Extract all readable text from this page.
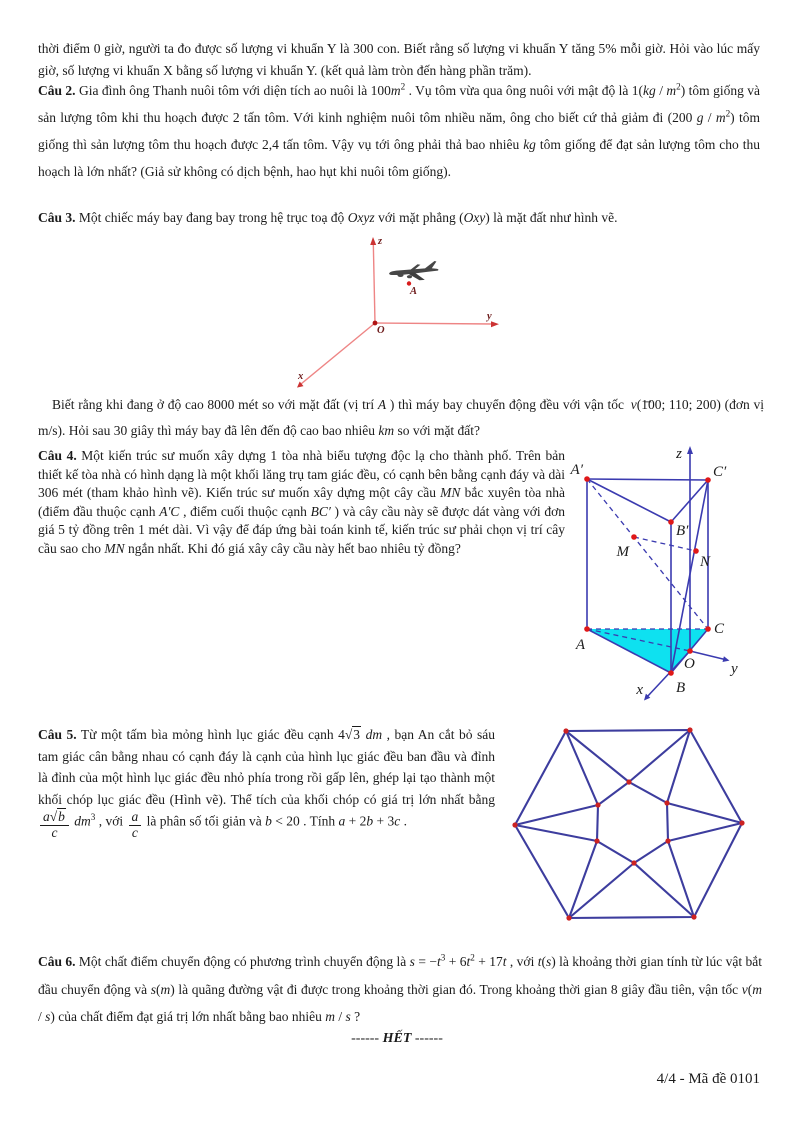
thời điểm 0 giờ, người ta đo được số lượng vi khuẩn Y là 300 con. Biết rằng số lượng vi khuẩn Y tăng 5% mỗi giờ. Hỏi vào lúc mấy giờ, số lượng vi khuẩn X bằng số lượng vi khuẩn Y. (kết quả làm tròn đến hàng phần trăm).
Câu 2. Gia đình ông Thanh nuôi tôm với diện tích ao nuôi là $100m^2$ . Vụ tôm vừa qua ông nuôi với mật độ là $1(kg / m^2)$ tôm giống và sản lượng tôm khi thu hoạch được 2 tấn tôm. Với kinh nghiệm nuôi tôm nhiều năm, ông cho biết cứ thả giảm đi (200 g / $m^2$) tôm giống thì sản lượng tôm thu hoạch được 2,4 tấn tôm. Vậy vụ tới ông phải thả bao nhiêu kg tôm giống để đạt sản lượng tôm cho thu hoạch là lớn nhất? (Giả sử không có dịch bệnh, hao hụt khi nuôi tôm giống).
Câu 3. Một chiếc máy bay đang bay trong hệ trục toạ độ Oxyz với mặt phẳng (Oxy) là mặt đất như hình vẽ.
z
y
x
O
A
Biết rằng khi đang ở độ cao 8000 mét so với mặt đất (vị trí A ) thì máy bay chuyển động đều với vận tốc ⇀ v(100; 110; 200) (đơn vị m/s). Hỏi sau 30 giây thì máy bay đã lên đến độ cao bao nhiêu km so với mặt đất?
Câu 4. Một kiến trúc sư muốn xây dựng 1 tòa nhà biểu tượng độc lạ cho thành phố. Trên bản thiết kế tòa nhà có hình dạng là một khối lăng trụ tam giác đều, có cạnh bên bằng cạnh đáy và dài 306 mét (tham khảo hình vẽ). Kiến trúc sư muốn xây dựng một cây cầu MN bắc xuyên tòa nhà (điểm đầu thuộc cạnh A′C , điểm cuối thuộc cạnh BC′ ) và cây cầu này sẽ được dát vàng với đơn giá 5 tỷ đồng trên 1 mét dài. Vì vậy để đáp ứng bài toán kinh tế, kiến trúc sư phải chọn vị trí cây cầu sao cho MN ngắn nhất. Khi đó giá xây cây cầu này hết bao nhiêu tỷ đồng?
A′	C′
B′
M
N
A
C
B
O
z
x
y
Câu 5. Từ một tấm bìa mỏng hình lục giác đều cạnh 4√3 dm , bạn An cắt bỏ sáu tam giác cân bằng nhau có cạnh đáy là cạnh của hình lục giác đều ban đầu và đỉnh là đỉnh của một hình lục giác đều nhỏ phía trong rồi gấp lên, ghép lại tạo thành một khối chóp lục giác đều (Hình vẽ). Thể tích của khối chóp có giá trị lớn nhất bằng
$\frac{a√b}{c} dm^3$ , với $\frac{a}{c}$ là phân số tối giản và b < 20 . Tính a + 2b + 3c .
Câu 6. Một chất điểm chuyển động có phương trình chuyển động là $s = -t^3 + 6t^2 + 17t$ , với t(s) là khoảng thời gian tính từ lúc vật bắt đầu chuyển động và s(m) là quãng đường vật đi được trong khoảng thời gian đó. Trong khoảng thời gian 8 giây đầu tiên, vận tốc v(m / s) của chất điểm đạt giá trị lớn nhất bằng bao nhiêu m / s ?
------ HẾT ------
4/4 - Mã đề 0101
